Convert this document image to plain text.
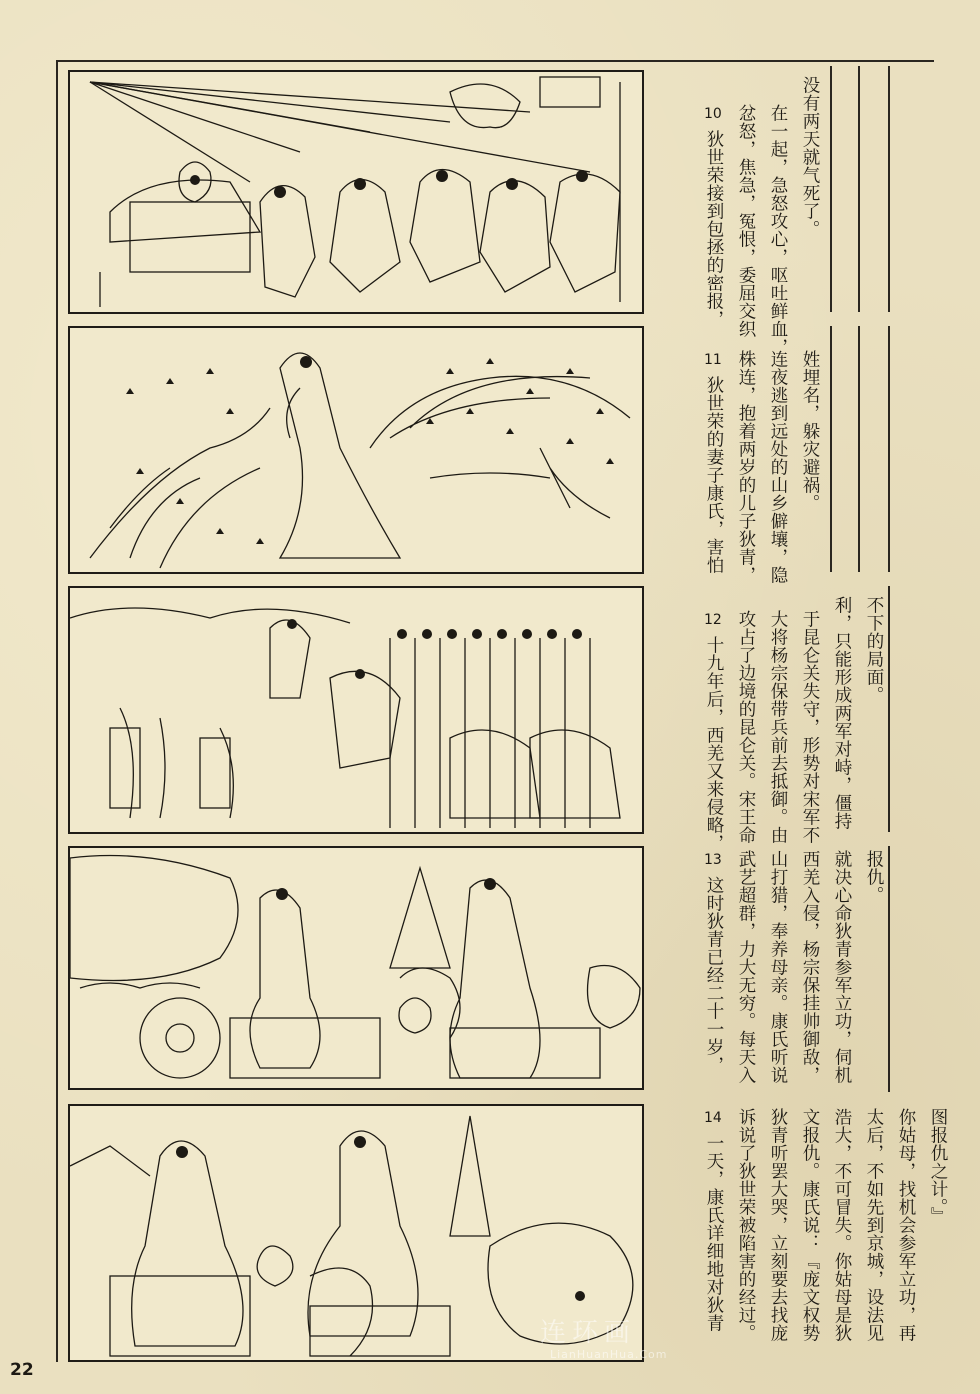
10
狄世荣接到包拯的密报， 忿怒，焦急，冤恨，委屈交织 在一起，急怒攻心，呕吐鲜血， 没有两天就气死了。
11
狄世荣的妻子康氏，害怕 株连，抱着两岁的儿子狄青， 连夜逃到远处的山乡僻壤，隐 姓埋名，躲灾避祸。
12
十九年后，西羌又来侵略， 攻占了边境的昆仑关。宋王命 大将杨宗保带兵前去抵御。由 于昆仑关失守，形势对宋军不 利，只能形成两军对峙，僵持 不下的局面。
13
这时狄青已经二十一岁， 武艺超群，力大无穷。每天入 山打猎，奉养母亲。康氏听说 西羌入侵，杨宗保挂帅御敌， 就决心命狄青参军立功，伺机 报仇。
14
一天，康氏详细地对狄青 诉说了狄世荣被陷害的经过。 狄青听罢大哭，立刻要去找庞 文报仇。康氏说：『庞文权势 浩大，不可冒失。你姑母是狄 太后，不如先到京城，设法见 你姑母，找机会参军立功，再 图报仇之计。』
22
连环画
LianHuanHua.Com
